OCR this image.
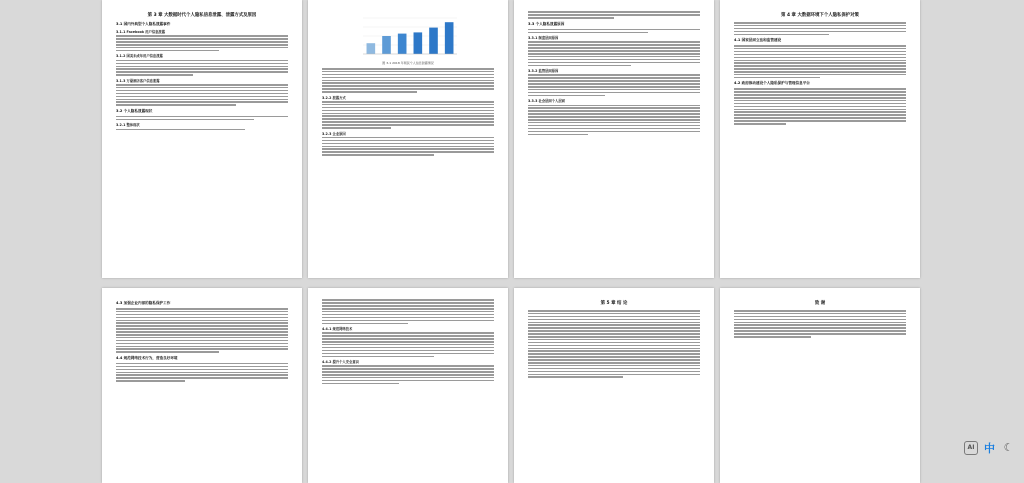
第 3 章 大数据时代个人隐私信息泄露、泄露方式及原因
3.1 国内外典型个人隐私泄露事件
3.1.1 Facebook 用户信息泄露
3.1.2 国美未成年用户信息泄露
3.1.3 万豪酒店客户信息泄露
3.2 个人隐私泄露现状
3.2.1 整体现状
图 3-1 2018 年网民个人信息泄露情况
3.2.2 泄露方式
3.2.3 企业原因
3.3 个人隐私泄露原因
3.3.1 制度层面原因
3.3.2 监管层面原因
3.3.3 社会层面个人层面
第 4 章 大数据环境下个人隐私保护对策
4.1 国家层面立法和监管建设
4.2 政府推动建设个人隐私保护与管理信息平台
4.3 加强企业内部的隐私保护工作
4.4 规范网络技术行为，营造良好环境
4.4.1 规范网络技术
4.4.2 提升个人安全意识
第 5 章 结 论	致 谢
AI 中 ☾
